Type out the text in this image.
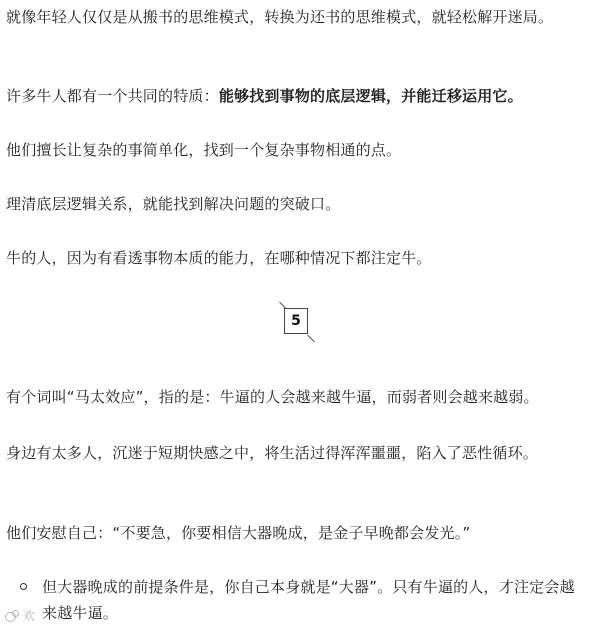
就像年轻人仅仅是从搬书的思维模式，转换为还书的思维模式，就轻松解开迷局。

许多牛人都有一个共同的特质：能够找到事物的底层逻辑，并能迁移运用它。

他们擅长让复杂的事简单化，找到一个复杂事物相通的点。

理清底层逻辑关系，就能找到解决问题的突破口。

牛的人，因为有看透事物本质的能力，在哪种情况下都注定牛。

5

有个词叫“马太效应”，指的是：牛逼的人会越来越牛逼，而弱者则会越来越弱。

身边有太多人，沉迷于短期快感之中，将生活过得浑浑噩噩，陷入了恶性循环。

他们安慰自己：“不要急，你要相信大器晚成，是金子早晚都会发光。”

但大器晚成的前提条件是，你自己本身就是“大器”。只有牛逼的人，才注定会越来越牛逼。
欢
